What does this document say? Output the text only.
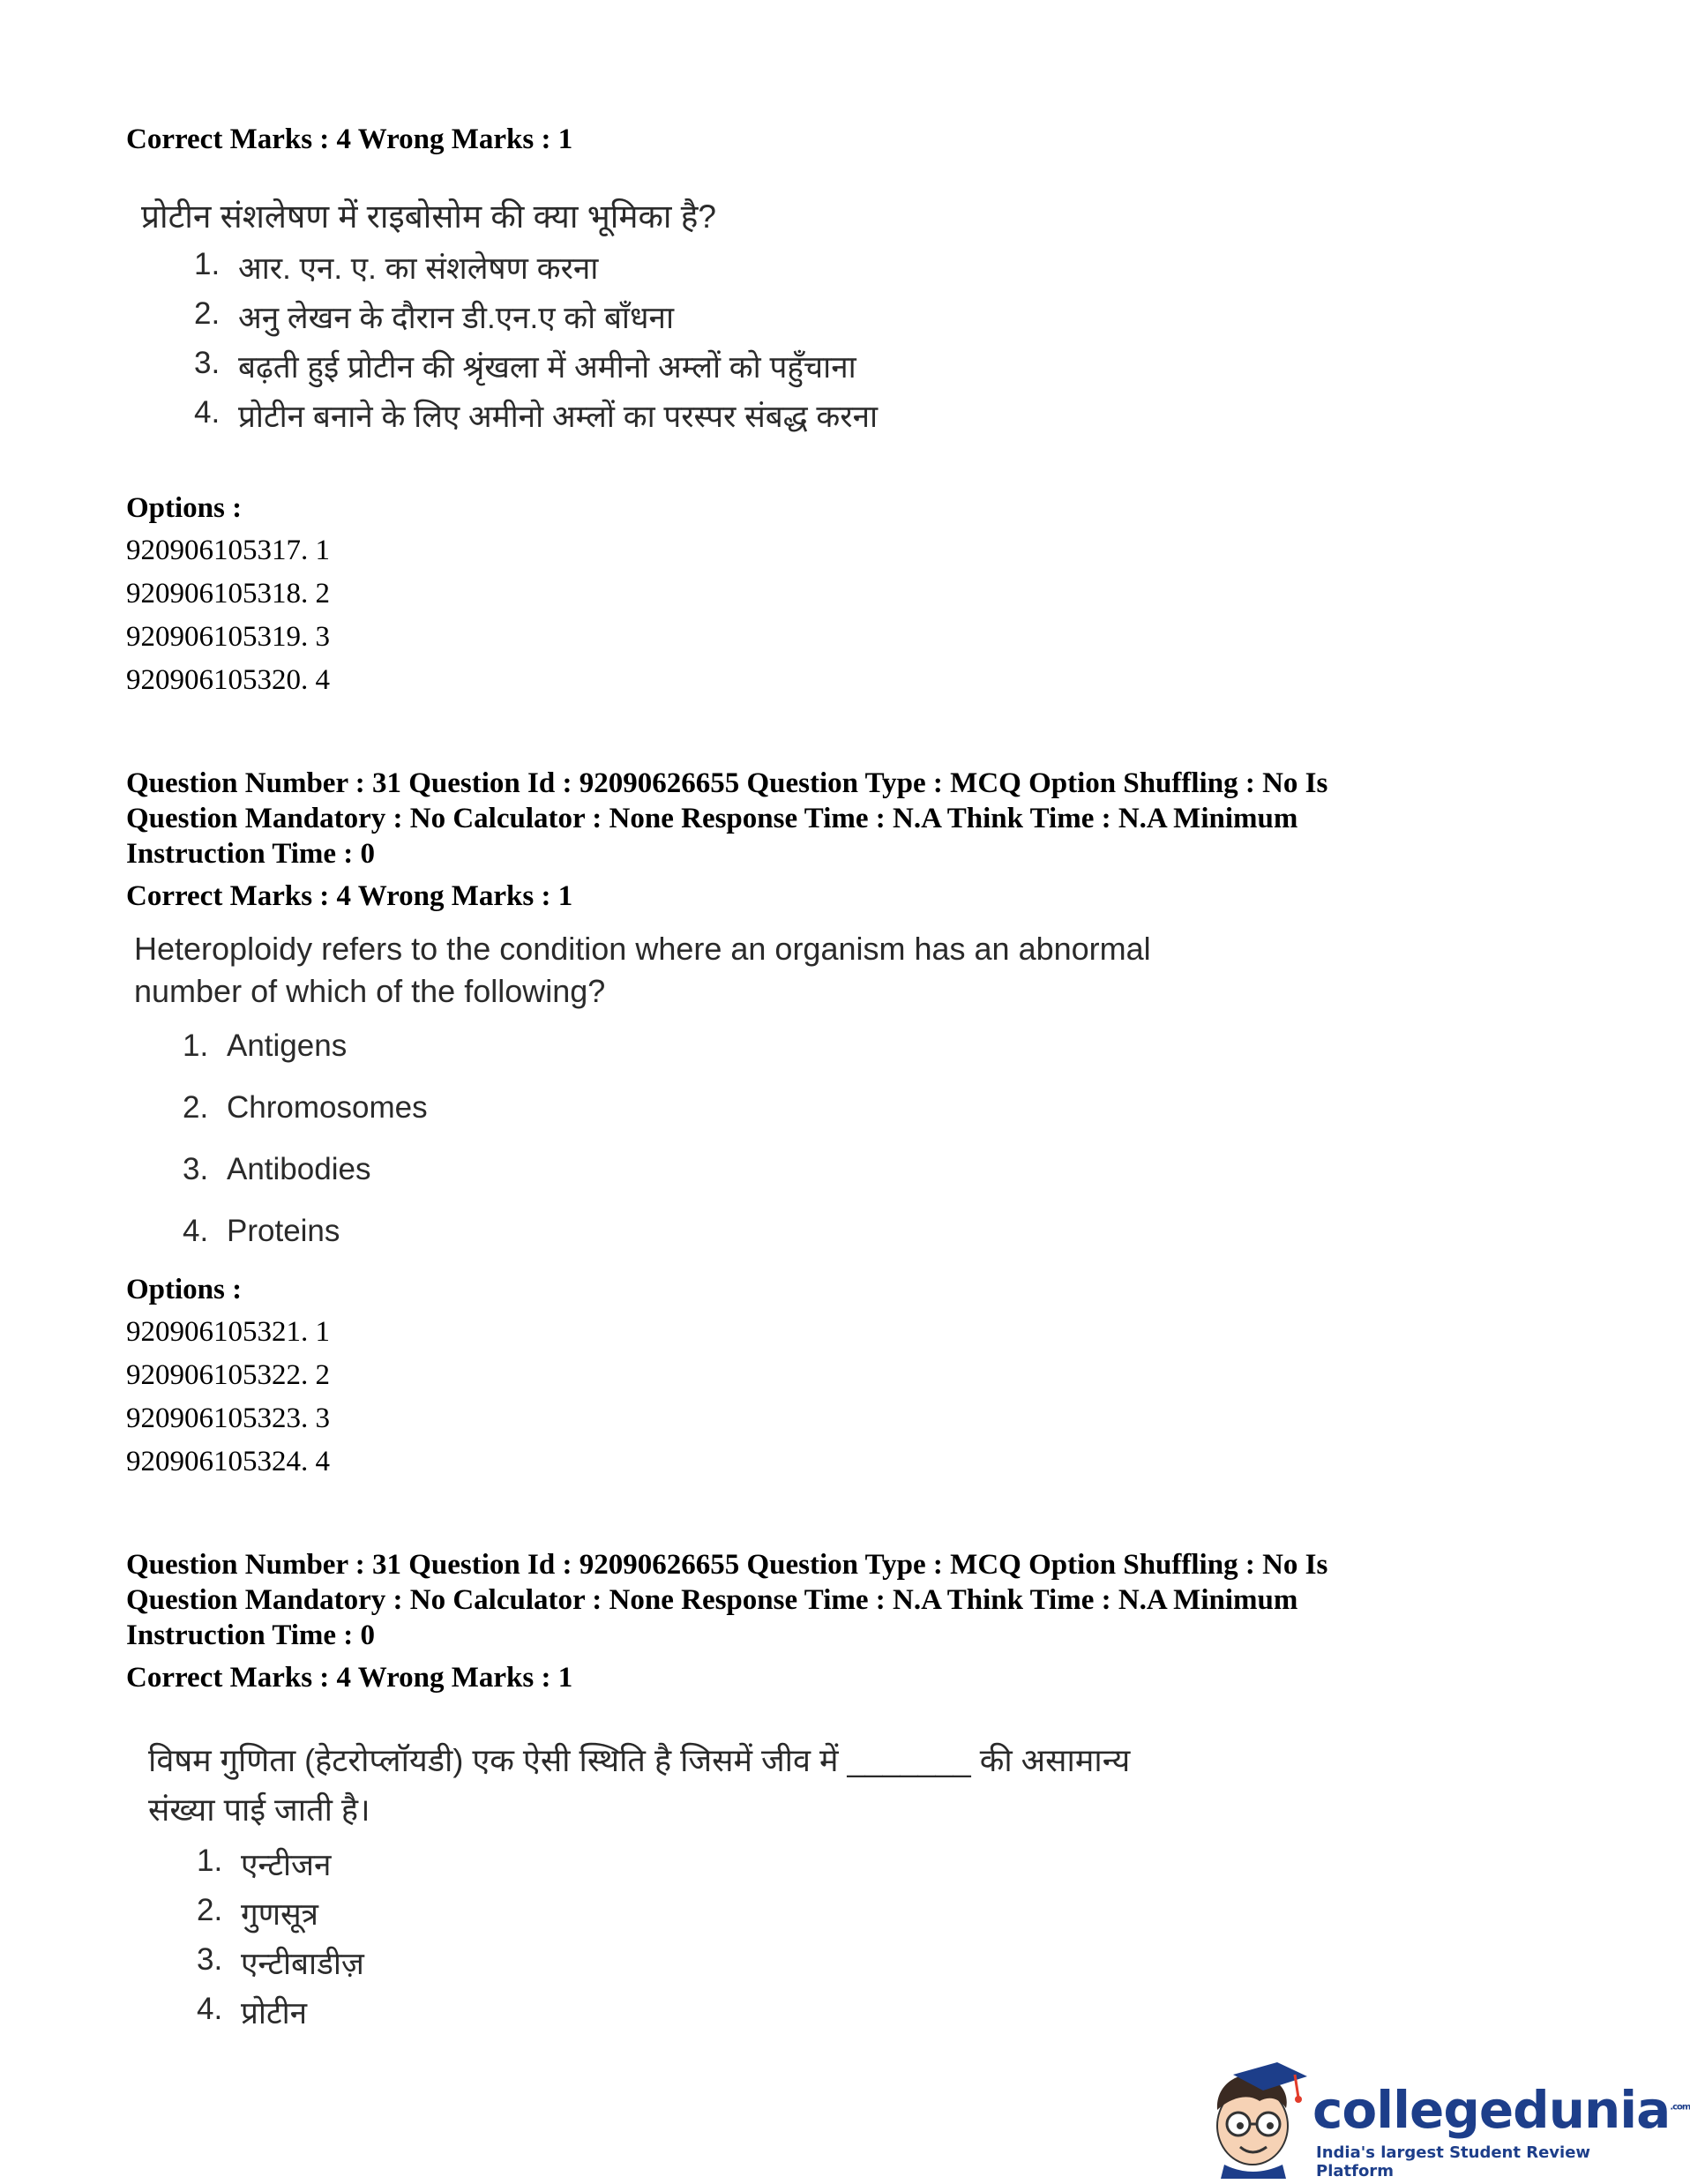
Correct Marks : 4 Wrong Marks : 1

प्रोटीन संशलेषण में राइबोसोम की क्या भूमिका है?

1. आर. एन. ए. का संशलेषण करना
2. अनु लेखन के दौरान डी.एन.ए को बाँधना
3. बढ़ती हुई प्रोटीन की श्रृंखला में अमीनो अम्लों को पहुँचाना
4. प्रोटीन बनाने के लिए अमीनो अम्लों का परस्पर संबद्ध करना
Options :
920906105317. 1
920906105318. 2
920906105319. 3
920906105320. 4
Question Number : 31 Question Id : 92090626655 Question Type : MCQ Option Shuffling : No Is
Question Mandatory : No Calculator : None Response Time : N.A Think Time : N.A Minimum
Instruction Time : 0
Correct Marks : 4 Wrong Marks : 1

Heteroploidy refers to the condition where an organism has an abnormal
number of which of the following?

1. Antigens
2. Chromosomes
3. Antibodies
4. Proteins
Options :
920906105321. 1
920906105322. 2
920906105323. 3
920906105324. 4
Question Number : 31 Question Id : 92090626655 Question Type : MCQ Option Shuffling : No Is
Question Mandatory : No Calculator : None Response Time : N.A Think Time : N.A Minimum
Instruction Time : 0
Correct Marks : 4 Wrong Marks : 1

विषम गुणिता (हेटरोप्लॉयडी) एक ऐसी स्थिति है जिसमें जीव में _______ की असामान्य
संख्या पाई जाती है।

1. एन्टीजन
2. गुणसूत्र
3. एन्टीबाडीज़
4. प्रोटीन
collegedunia$^{.com}$
India's largest Student Review Platform
